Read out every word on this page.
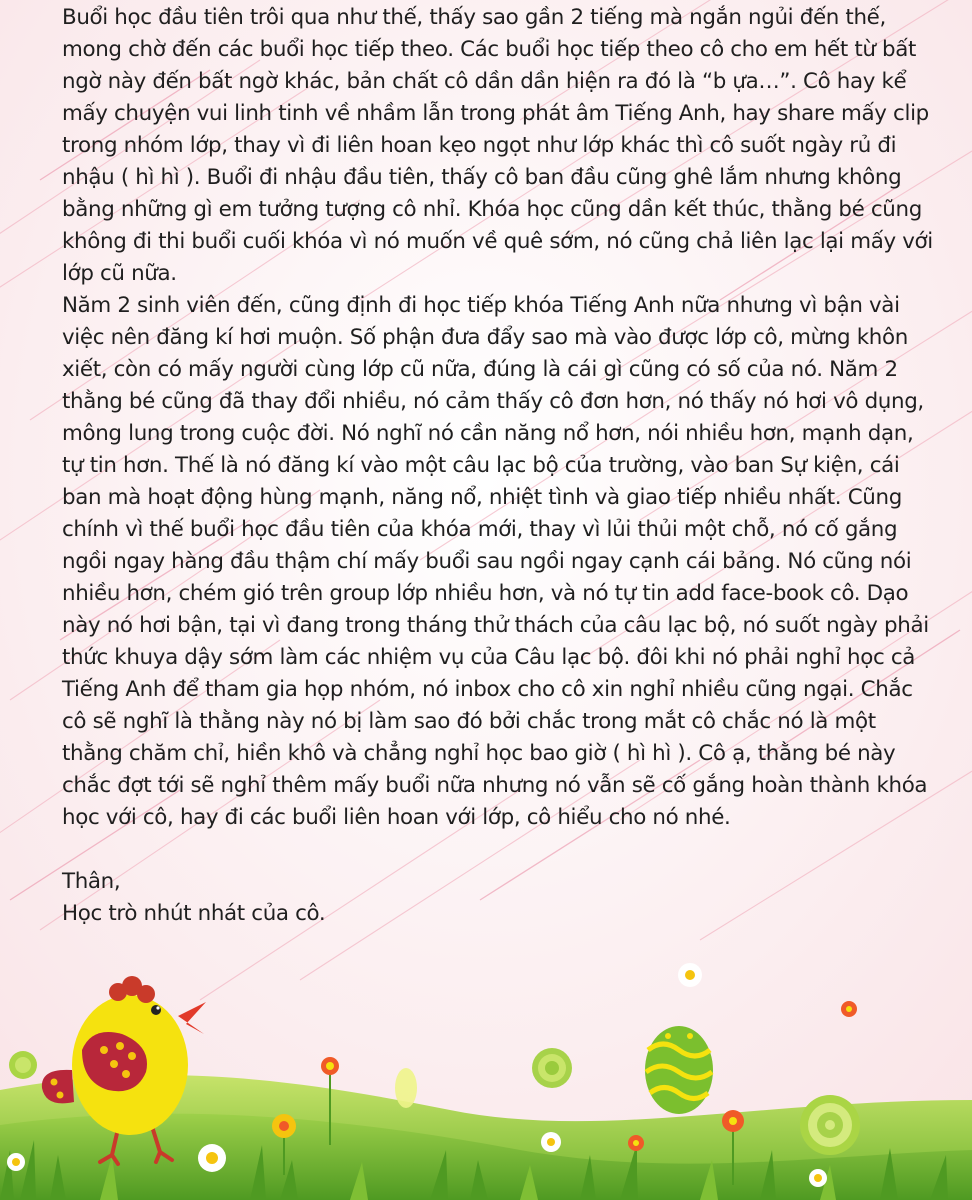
Buổi học đầu tiên trôi qua như thế, thấy sao gần 2 tiếng mà ngắn ngủi đến thế, mong chờ đến các buổi học tiếp theo. Các buổi học tiếp theo cô cho em hết từ bất ngờ này đến bất ngờ khác, bản chất cô dần dần hiện ra đó là “b ựa…”. Cô hay kể mấy chuyện vui linh tinh về nhầm lẫn trong phát âm Tiếng Anh, hay share mấy clip trong nhóm lớp, thay vì đi liên hoan kẹo ngọt như lớp khác thì cô suốt ngày rủ đi nhậu ( hì hì ). Buổi đi nhậu đầu tiên, thấy cô ban đầu cũng ghê lắm nhưng không bằng những gì em tưởng tượng cô nhỉ. Khóa học cũng dần kết thúc, thằng bé cũng không đi thi buổi cuối khóa vì nó muốn về quê sớm, nó cũng chả liên lạc lại mấy với lớp cũ nữa.

Năm 2 sinh viên đến, cũng định đi học tiếp khóa Tiếng Anh nữa nhưng vì bận vài việc nên đăng kí hơi muộn. Số phận đưa đẩy sao mà vào được lớp cô, mừng khôn xiết, còn có mấy người cùng lớp cũ nữa, đúng là cái gì cũng có số của nó. Năm 2 thằng bé cũng đã thay đổi nhiều, nó cảm thấy cô đơn hơn, nó thấy nó hơi vô dụng, mông lung trong cuộc đời. Nó nghĩ nó cần năng nổ hơn, nói nhiều hơn, mạnh dạn, tự tin hơn. Thế là nó đăng kí vào một câu lạc bộ của trường, vào ban Sự kiện, cái ban mà hoạt động hùng mạnh, năng nổ, nhiệt tình và giao tiếp nhiều nhất. Cũng chính vì thế buổi học đầu tiên của khóa mới, thay vì lủi thủi một chỗ, nó cố gắng ngồi ngay hàng đầu thậm chí mấy buổi sau ngồi ngay cạnh cái bảng. Nó cũng nói nhiều hơn, chém gió trên group lớp nhiều hơn, và nó tự tin add face-book cô. Dạo này nó hơi bận, tại vì đang trong tháng thử thách của câu lạc bộ, nó suốt ngày phải thức khuya dậy sớm làm các nhiệm vụ của Câu lạc bộ. đôi khi nó phải nghỉ học cả Tiếng Anh để tham gia họp nhóm, nó inbox cho cô xin nghỉ nhiều cũng ngại. Chắc cô sẽ nghĩ là thằng này nó bị làm sao đó bởi chắc trong mắt cô chắc nó là một thằng chăm chỉ, hiền khô và chẳng nghỉ học bao giờ ( hì hì ). Cô ạ, thằng bé này chắc đợt tới sẽ nghỉ thêm mấy buổi nữa nhưng nó vẫn sẽ cố gắng hoàn thành khóa học với cô, hay đi các buổi liên hoan với lớp, cô hiểu cho nó nhé.

Thân,

Học trò nhút nhát của cô.
